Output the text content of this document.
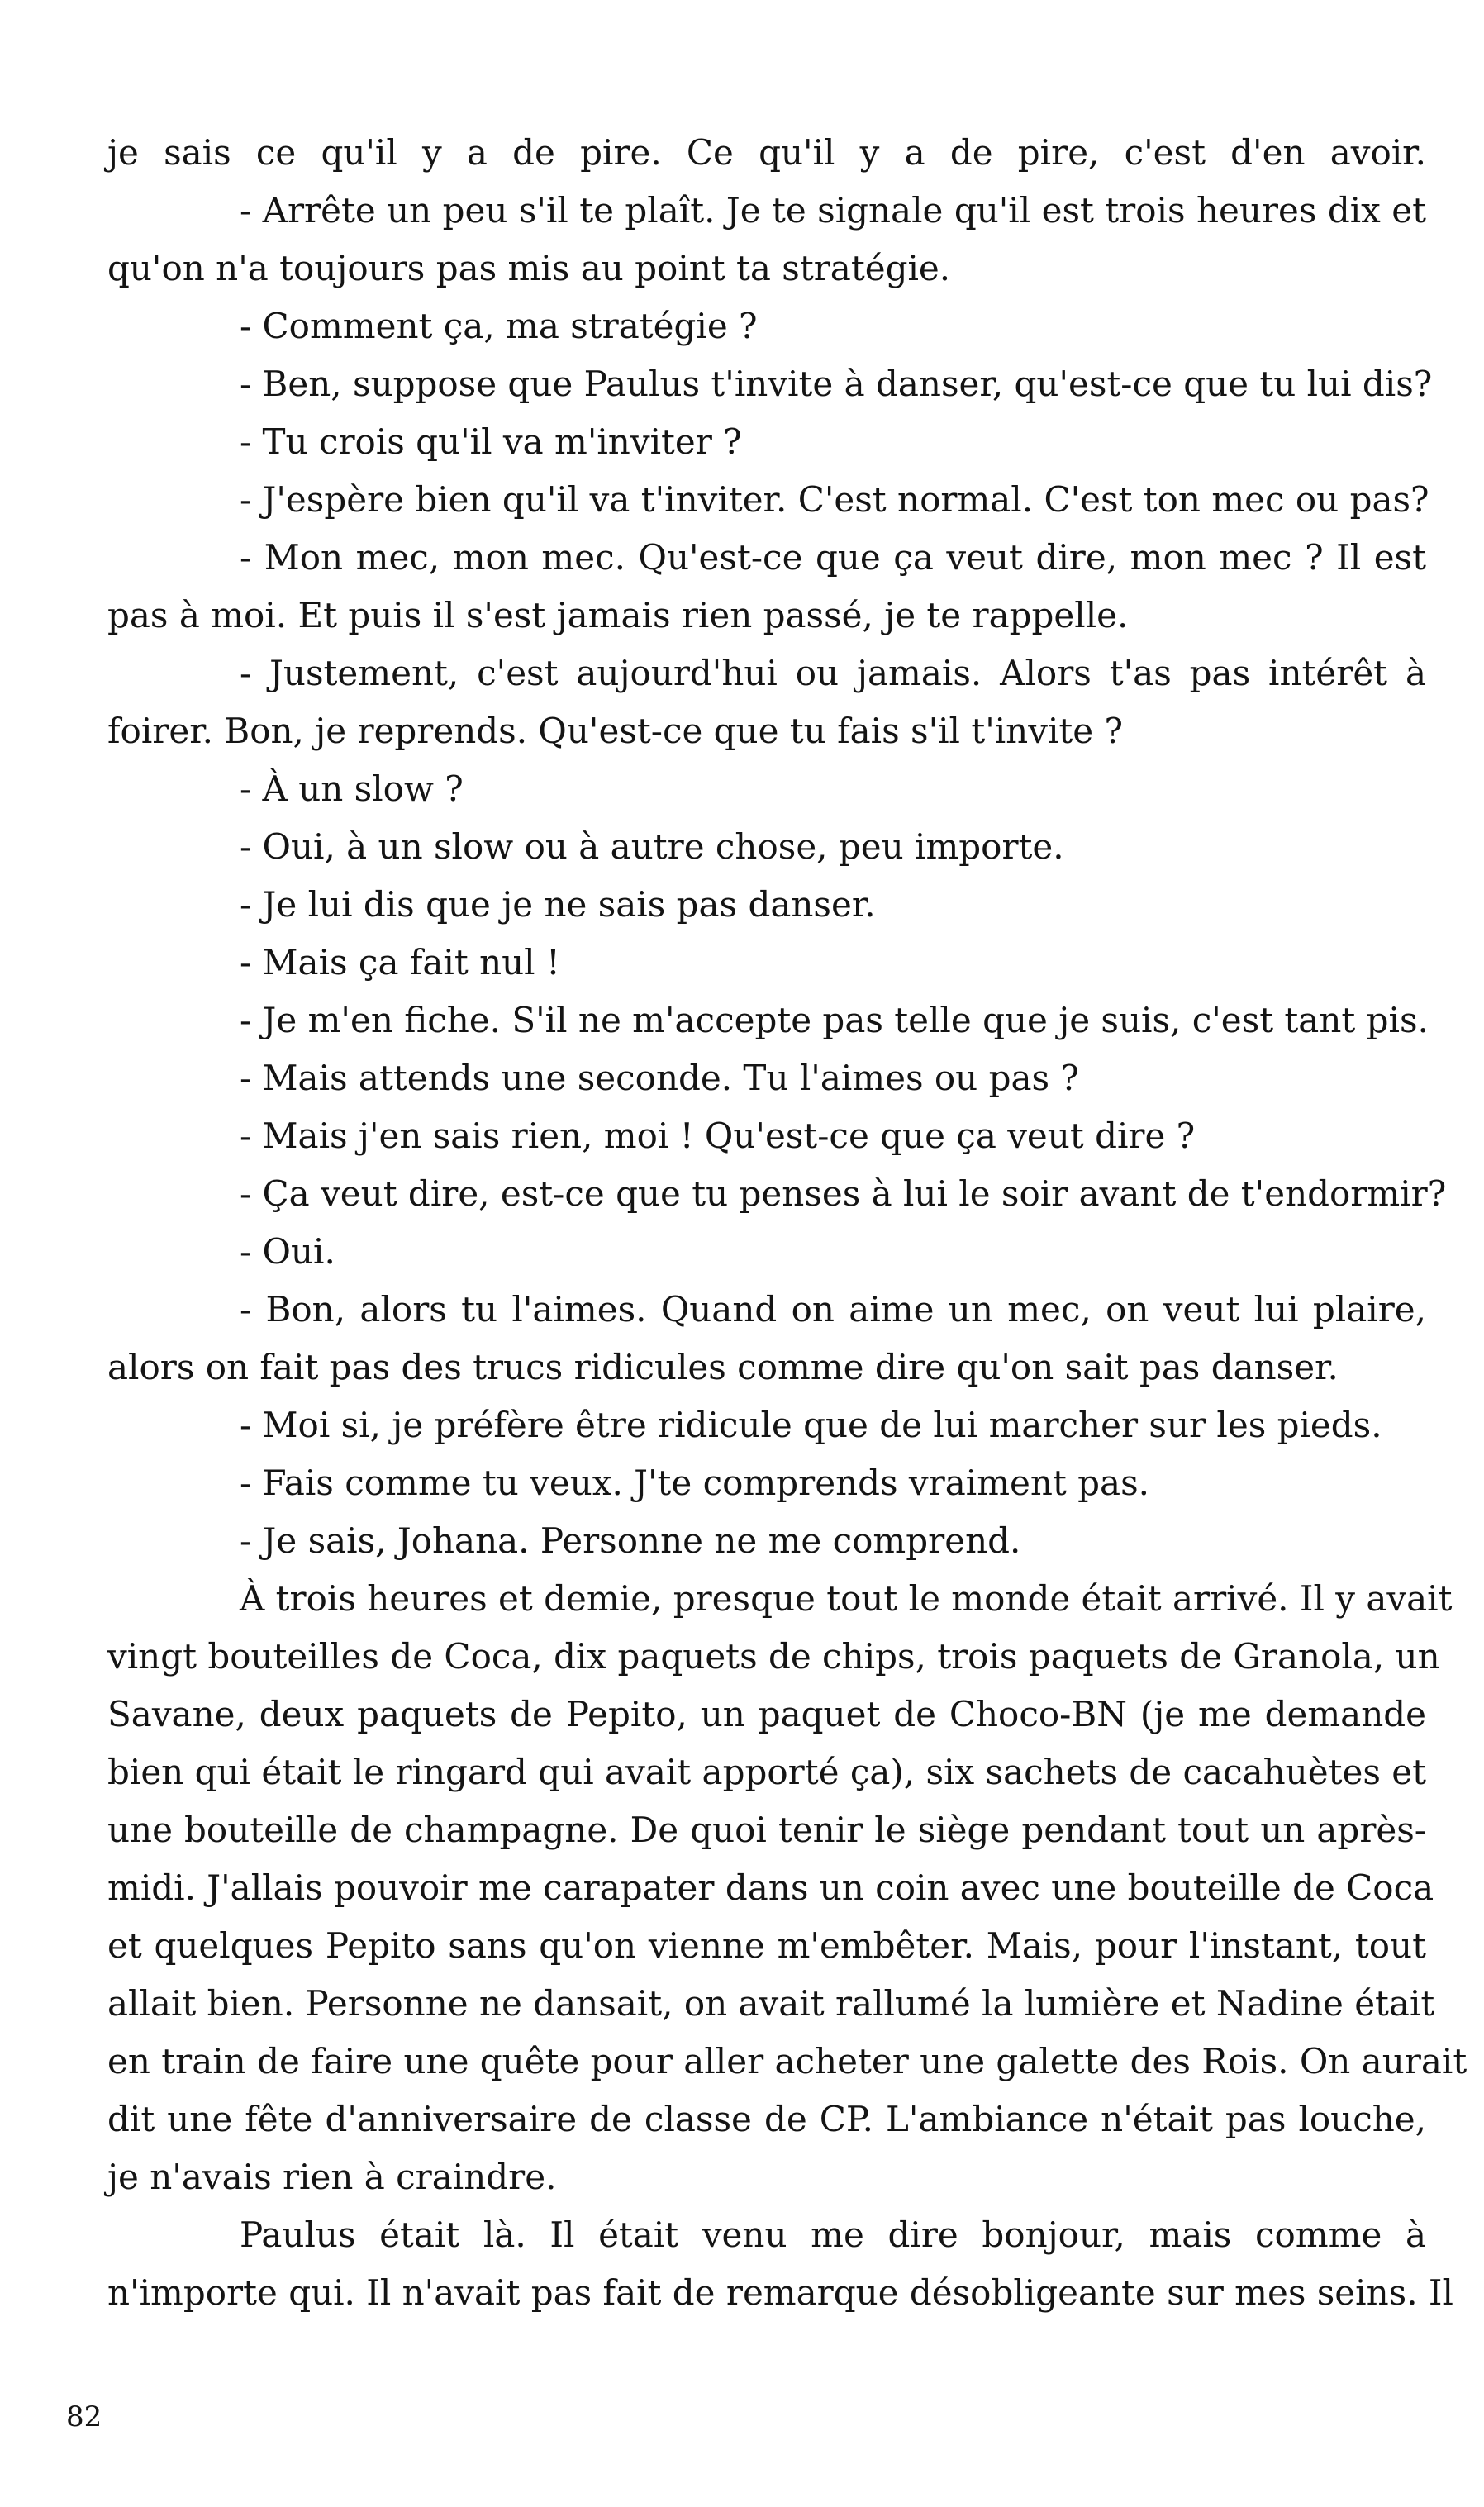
je sais ce qu'il y a de pire. Ce qu'il y a de pire, c'est d'en avoir.
- Arrête un peu s'il te plaît. Je te signale qu'il est trois heures dix et
qu'on n'a toujours pas mis au point ta stratégie.
- Comment ça, ma stratégie ?
- Ben, suppose que Paulus t'invite à danser, qu'est-ce que tu lui dis?
- Tu crois qu'il va m'inviter ?
- J'espère bien qu'il va t'inviter. C'est normal. C'est ton mec ou pas?
- Mon mec, mon mec. Qu'est-ce que ça veut dire, mon mec ? Il est
pas à moi. Et puis il s'est jamais rien passé, je te rappelle.
- Justement, c'est aujourd'hui ou jamais. Alors t'as pas intérêt à
foirer. Bon, je reprends. Qu'est-ce que tu fais s'il t'invite ?
- À un slow ?
- Oui, à un slow ou à autre chose, peu importe.
- Je lui dis que je ne sais pas danser.
- Mais ça fait nul !
- Je m'en fiche. S'il ne m'accepte pas telle que je suis, c'est tant pis.
- Mais attends une seconde. Tu l'aimes ou pas ?
- Mais j'en sais rien, moi ! Qu'est-ce que ça veut dire ?
- Ça veut dire, est-ce que tu penses à lui le soir avant de t'endormir?
- Oui.
- Bon, alors tu l'aimes. Quand on aime un mec, on veut lui plaire,
alors on fait pas des trucs ridicules comme dire qu'on sait pas danser.
- Moi si, je préfère être ridicule que de lui marcher sur les pieds.
- Fais comme tu veux. J'te comprends vraiment pas.
- Je sais, Johana. Personne ne me comprend.
À trois heures et demie, presque tout le monde était arrivé. Il y avait
vingt bouteilles de Coca, dix paquets de chips, trois paquets de Granola, un
Savane, deux paquets de Pepito, un paquet de Choco-BN (je me demande
bien qui était le ringard qui avait apporté ça), six sachets de cacahuètes et
une bouteille de champagne. De quoi tenir le siège pendant tout un après-
midi. J'allais pouvoir me carapater dans un coin avec une bouteille de Coca
et quelques Pepito sans qu'on vienne m'embêter. Mais, pour l'instant, tout
allait bien. Personne ne dansait, on avait rallumé la lumière et Nadine était
en train de faire une quête pour aller acheter une galette des Rois. On aurait
dit une fête d'anniversaire de classe de CP. L'ambiance n'était pas louche,
je n'avais rien à craindre.
Paulus était là. Il était venu me dire bonjour, mais comme à
n'importe qui. Il n'avait pas fait de remarque désobligeante sur mes seins. Il
82
